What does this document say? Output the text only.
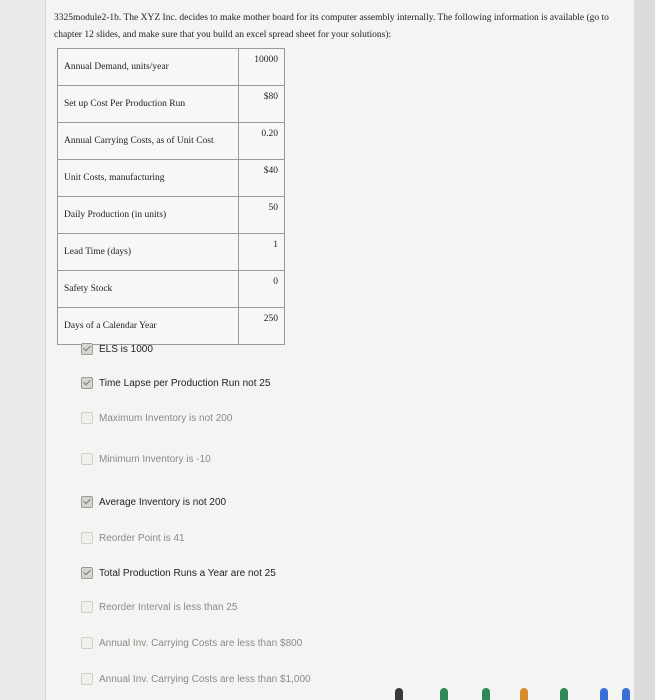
3325module2-1b. The XYZ Inc. decides to make mother board for its computer assembly internally. The following information is available (go to chapter 12 slides, and make sure that you build an excel spread sheet for your solutions):
Annual Demand, units/year	10000
Set up Cost Per Production Run	$80
Annual Carrying Costs, as of Unit Cost	0.20
Unit Costs, manufacturing	$40
Daily Production (in units)	50
Lead Time (days)	1
Safety Stock	0
Days of a Calendar Year	250
ELS is 1000
Time Lapse per Production Run not 25
Maximum Inventory is not 200
Minimum Inventory is -10
Average Inventory is not 200
Reorder Point is 41
Total Production Runs a Year are not 25
Reorder Interval is less than 25
Annual Inv. Carrying Costs are less than $800
Annual Inv. Carrying Costs are less than $1,000
